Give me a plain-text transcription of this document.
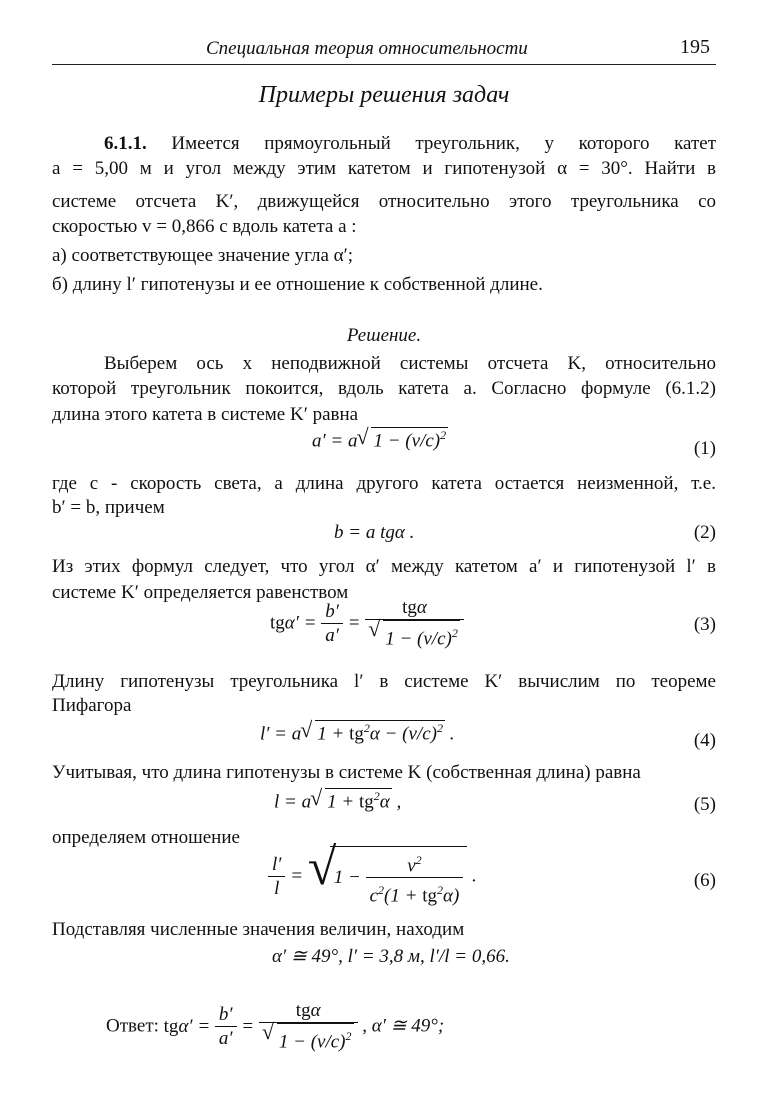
Специальная теория относительности	195
Примеры решения задач
6.1.1. Имеется прямоугольный треугольник, у которого катет
a = 5,00 м и угол между этим катетом и гипотенузой α = 30°. Найти в
системе отсчета K′, движущейся относительно этого треугольника со
скоростью v = 0,866 c вдоль катета a :
а) соответствующее значение угла α′;
б) длину l′ гипотенузы и ее отношение к собственной длине.
Решение.
Выберем ось x неподвижной системы отсчета K, относительно
которой треугольник покоится, вдоль катета a. Согласно формуле (6.1.2)
длина этого катета в системе K′ равна
a′ = a √ $1 - (v/c)^2$
(1)
где c - скорость света, а длина другого катета остается неизменной, т.е.
b′ = b, причем
b = a tgα .	(2)
Из этих формул следует, что угол α′ между катетом a′ и гипотенузой l′ в
системе K′ определяется равенством
$tg\alpha' = \frac{b'}{a'} = tg\alpha$
√ $1 - (v/c)^2$	(3)
Длину гипотенузы треугольника l′ в системе K′ вычислим по теореме
Пифагора
l′ = a √ $1 + tg^2\alpha - (v/c)^2$ .	(4)
Учитывая, что длина гипотенузы в системе K (собственная длина) равна
l = a √ $1 + tg^2\alpha$ ,	(5)
определяем отношение
$\frac{l'}{l}$ = √ $1 - \frac{v^2}{c^2(1 + tg^2\alpha)}$ .	(6)
Подставляя численные значения величин, находим
α′ ≅ 49°, l′ = 3,8 м, l′/l = 0,66.
Ответ: $tg\alpha' = \frac{b'}{a'} = tg\alpha$
√ $1 - (v/c)^2$ , α′ ≅ 49°;
